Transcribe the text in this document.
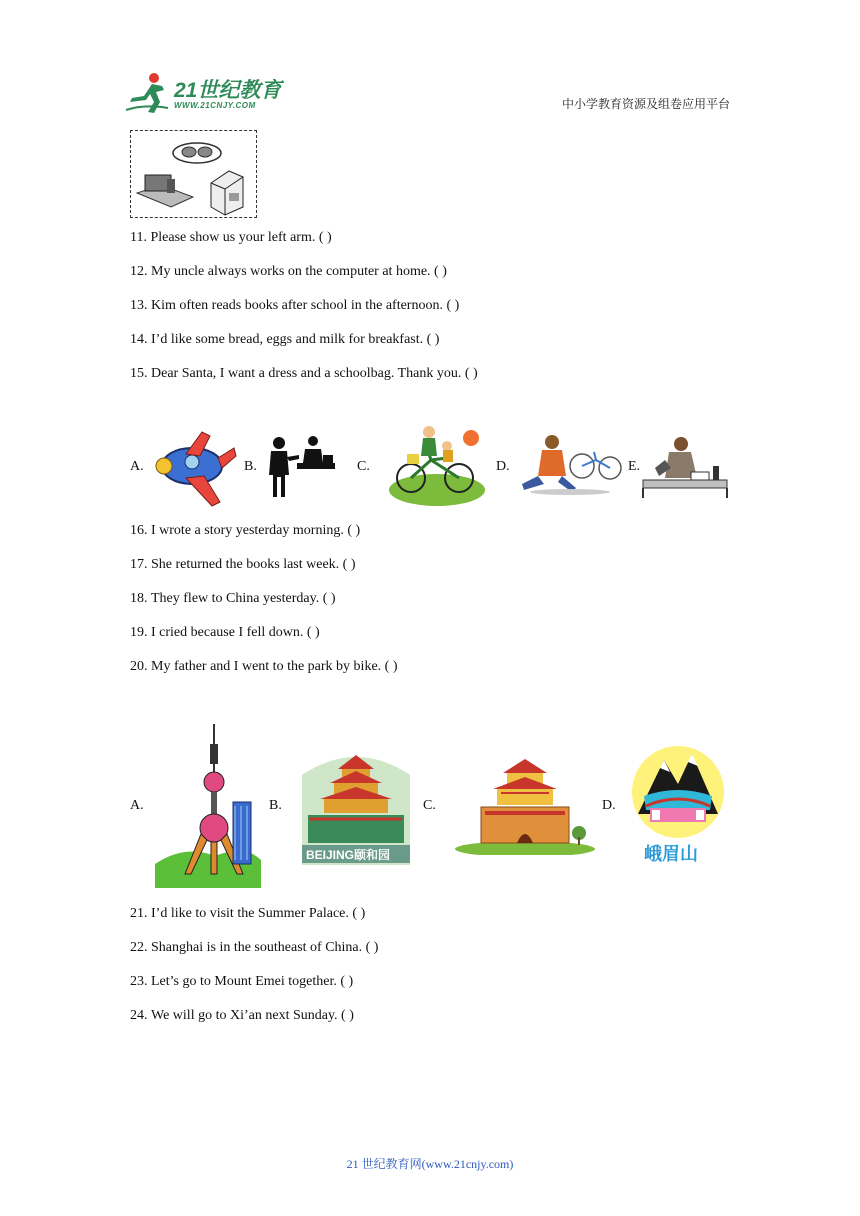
21世纪教育
WWW.21CNJY.COM	中小学教育资源及组卷应用平台
11. Please show us your left arm. ( )
12. My uncle always works on the computer at home. ( )
13. Kim often reads books after school in the afternoon. ( )
14. I’d like some bread, eggs and milk for breakfast. ( )
15. Dear Santa, I want a dress and a schoolbag. Thank you. ( )
A.	B.	C.	D.	E.
16. I wrote a story yesterday morning. ( )
17. She returned the books last week. ( )
18. They flew to China yesterday. ( )
19. I cried because I fell down. ( )
20. My father and I went to the park by bike. ( )
A.	B.
BEIJING颐和园
C.	D.
峨眉山
21. I’d like to visit the Summer Palace. ( )
22. Shanghai is in the southeast of China. ( )
23. Let’s go to Mount Emei together. ( )
24. We will go to Xi’an next Sunday. ( )
21 世纪教育网(www.21cnjy.com)
